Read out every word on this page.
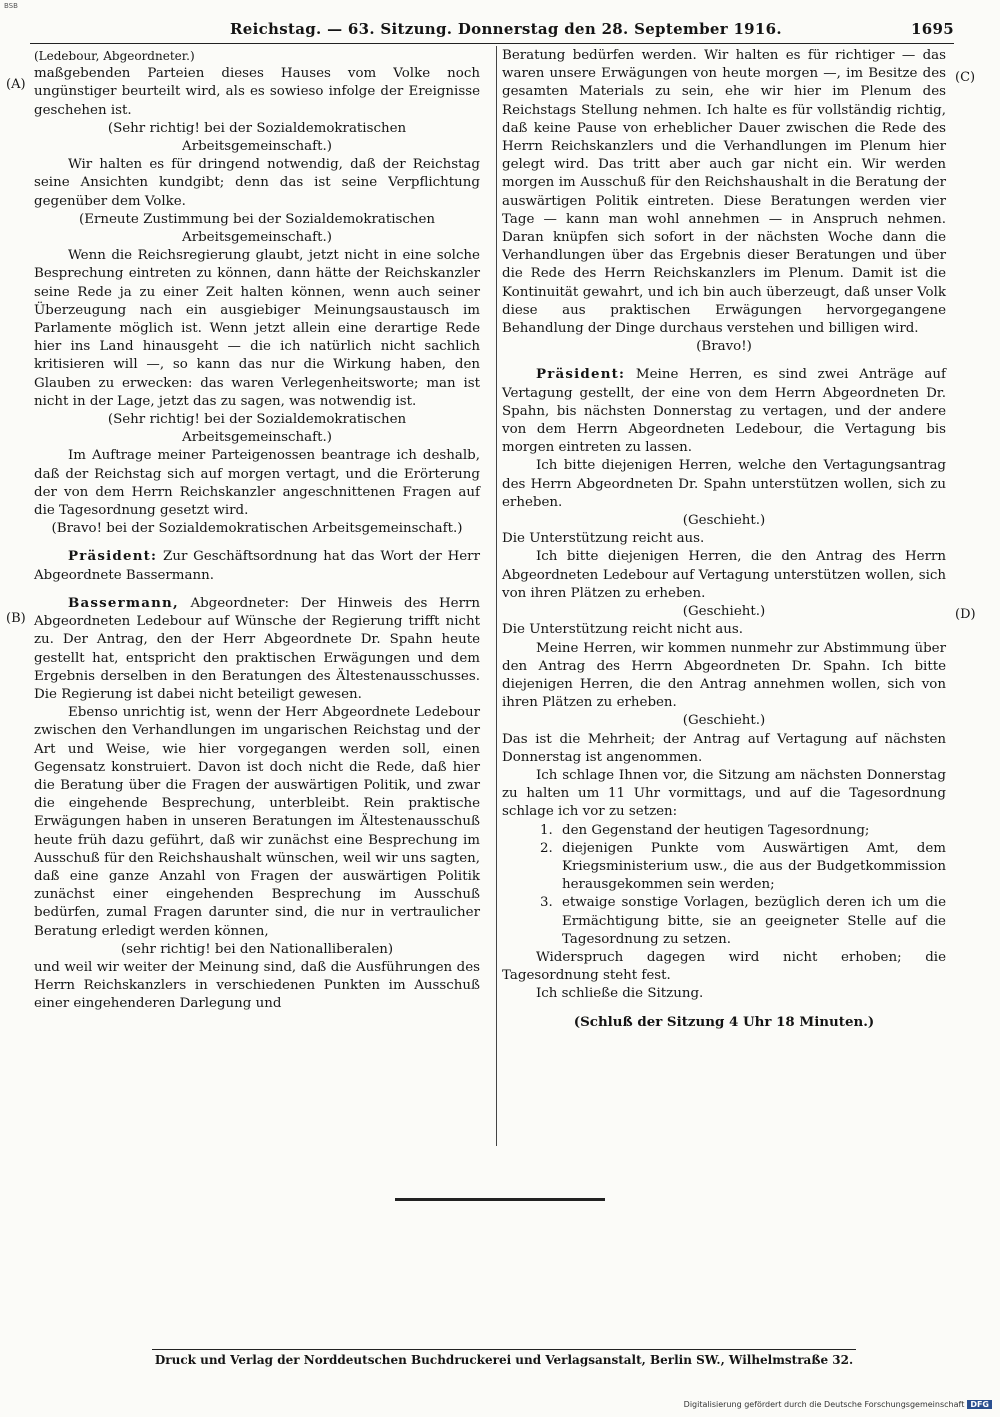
BSB
Reichstag. — 63. Sitzung. Donnerstag den 28. September 1916.	1695
(A)
(B)
(C)
(D)

(Ledebour, Abgeordneter.)

maßgebenden Parteien dieses Hauses vom Volke noch ungünstiger beurteilt wird, als es sowieso infolge der Ereignisse geschehen ist.

(Sehr richtig! bei der Sozialdemokratischen Arbeitsgemeinschaft.)

Wir halten es für dringend notwendig, daß der Reichstag seine Ansichten kundgibt; denn das ist seine Verpflichtung gegenüber dem Volke.

(Erneute Zustimmung bei der Sozialdemokratischen Arbeitsgemeinschaft.)

Wenn die Reichsregierung glaubt, jetzt nicht in eine solche Besprechung eintreten zu können, dann hätte der Reichskanzler seine Rede ja zu einer Zeit halten können, wenn auch seiner Überzeugung nach ein ausgiebiger Meinungsaustausch im Parlamente möglich ist. Wenn jetzt allein eine derartige Rede hier ins Land hinausgeht — die ich natürlich nicht sachlich kritisieren will —, so kann das nur die Wirkung haben, den Glauben zu erwecken: das waren Verlegenheitsworte; man ist nicht in der Lage, jetzt das zu sagen, was notwendig ist.

(Sehr richtig! bei der Sozialdemokratischen Arbeitsgemeinschaft.)

Im Auftrage meiner Parteigenossen beantrage ich deshalb, daß der Reichstag sich auf morgen vertagt, und die Erörterung der von dem Herrn Reichskanzler angeschnittenen Fragen auf die Tagesordnung gesetzt wird.

(Bravo! bei der Sozialdemokratischen Arbeitsgemeinschaft.)

Präsident: Zur Geschäftsordnung hat das Wort der Herr Abgeordnete Bassermann.

Bassermann, Abgeordneter: Der Hinweis des Herrn Abgeordneten Ledebour auf Wünsche der Regierung trifft nicht zu. Der Antrag, den der Herr Abgeordnete Dr. Spahn heute gestellt hat, entspricht den praktischen Erwägungen und dem Ergebnis derselben in den Beratungen des Ältestenausschusses. Die Regierung ist dabei nicht beteiligt gewesen.

Ebenso unrichtig ist, wenn der Herr Abgeordnete Ledebour zwischen den Verhandlungen im ungarischen Reichstag und der Art und Weise, wie hier vorgegangen werden soll, einen Gegensatz konstruiert. Davon ist doch nicht die Rede, daß hier die Beratung über die Fragen der auswärtigen Politik, und zwar die eingehende Besprechung, unterbleibt. Rein praktische Erwägungen haben in unseren Beratungen im Ältestenausschuß heute früh dazu geführt, daß wir zunächst eine Besprechung im Ausschuß für den Reichshaushalt wünschen, weil wir uns sagten, daß eine ganze Anzahl von Fragen der auswärtigen Politik zunächst einer eingehenden Besprechung im Ausschuß bedürfen, zumal Fragen darunter sind, die nur in vertraulicher Beratung erledigt werden können,

(sehr richtig! bei den Nationalliberalen)

und weil wir weiter der Meinung sind, daß die Ausführungen des Herrn Reichskanzlers in verschiedenen Punkten im Ausschuß einer eingehenderen Darlegung und

Beratung bedürfen werden. Wir halten es für richtiger — das waren unsere Erwägungen von heute morgen —, im Besitze des gesamten Materials zu sein, ehe wir hier im Plenum des Reichstags Stellung nehmen. Ich halte es für vollständig richtig, daß keine Pause von erheblicher Dauer zwischen die Rede des Herrn Reichskanzlers und die Verhandlungen im Plenum hier gelegt wird. Das tritt aber auch gar nicht ein. Wir werden morgen im Ausschuß für den Reichshaushalt in die Beratung der auswärtigen Politik eintreten. Diese Beratungen werden vier Tage — kann man wohl annehmen — in Anspruch nehmen. Daran knüpfen sich sofort in der nächsten Woche dann die Verhandlungen über das Ergebnis dieser Beratungen und über die Rede des Herrn Reichskanzlers im Plenum. Damit ist die Kontinuität gewahrt, und ich bin auch überzeugt, daß unser Volk diese aus praktischen Erwägungen hervorgegangene Behandlung der Dinge durchaus verstehen und billigen wird.

(Bravo!)

Präsident: Meine Herren, es sind zwei Anträge auf Vertagung gestellt, der eine von dem Herrn Abgeordneten Dr. Spahn, bis nächsten Donnerstag zu vertagen, und der andere von dem Herrn Abgeordneten Ledebour, die Vertagung bis morgen eintreten zu lassen.

Ich bitte diejenigen Herren, welche den Vertagungsantrag des Herrn Abgeordneten Dr. Spahn unterstützen wollen, sich zu erheben.

(Geschieht.)

Die Unterstützung reicht aus.

Ich bitte diejenigen Herren, die den Antrag des Herrn Abgeordneten Ledebour auf Vertagung unterstützen wollen, sich von ihren Plätzen zu erheben.

(Geschieht.)

Die Unterstützung reicht nicht aus.

Meine Herren, wir kommen nunmehr zur Abstimmung über den Antrag des Herrn Abgeordneten Dr. Spahn. Ich bitte diejenigen Herren, die den Antrag annehmen wollen, sich von ihren Plätzen zu erheben.

(Geschieht.)

Das ist die Mehrheit; der Antrag auf Vertagung auf nächsten Donnerstag ist angenommen.

Ich schlage Ihnen vor, die Sitzung am nächsten Donnerstag zu halten um 11 Uhr vormittags, und auf die Tagesordnung schlage ich vor zu setzen:

1. den Gegenstand der heutigen Tagesordnung;
2. diejenigen Punkte vom Auswärtigen Amt, dem Kriegsministerium usw., die aus der Budgetkommission herausgekommen sein werden;
3. etwaige sonstige Vorlagen, bezüglich deren ich um die Ermächtigung bitte, sie an geeigneter Stelle auf die Tagesordnung zu setzen.

Widerspruch dagegen wird nicht erhoben; die Tagesordnung steht fest.

Ich schließe die Sitzung.

(Schluß der Sitzung 4 Uhr 18 Minuten.)

Druck und Verlag der Norddeutschen Buchdruckerei und Verlagsanstalt, Berlin SW., Wilhelmstraße 32.
Digitalisierung gefördert durch die Deutsche Forschungsgemeinschaft DFG
